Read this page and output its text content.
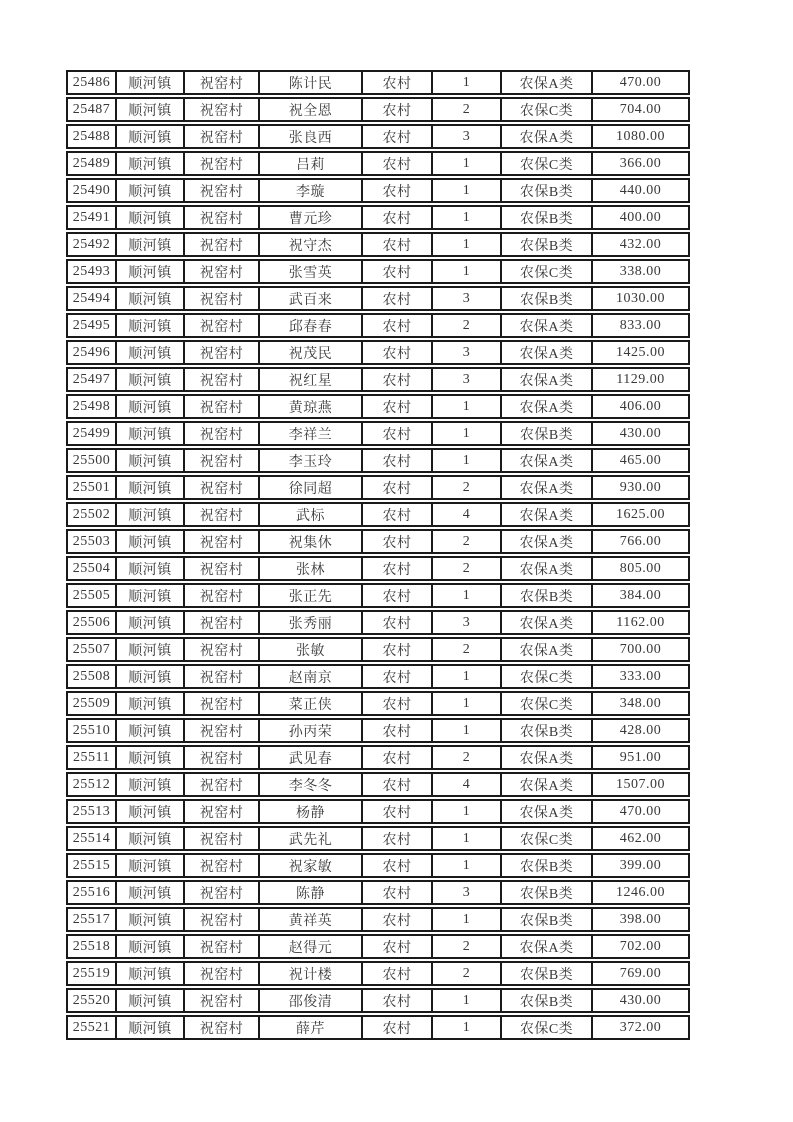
25486	顺河镇	祝窑村	陈计民	农村	1	农保A类	470.00
25487	顺河镇	祝窑村	祝全恩	农村	2	农保C类	704.00
25488	顺河镇	祝窑村	张良西	农村	3	农保A类	1080.00
25489	顺河镇	祝窑村	吕莉	农村	1	农保C类	366.00
25490	顺河镇	祝窑村	李璇	农村	1	农保B类	440.00
25491	顺河镇	祝窑村	曹元珍	农村	1	农保B类	400.00
25492	顺河镇	祝窑村	祝守杰	农村	1	农保B类	432.00
25493	顺河镇	祝窑村	张雪英	农村	1	农保C类	338.00
25494	顺河镇	祝窑村	武百来	农村	3	农保B类	1030.00
25495	顺河镇	祝窑村	邱春春	农村	2	农保A类	833.00
25496	顺河镇	祝窑村	祝茂民	农村	3	农保A类	1425.00
25497	顺河镇	祝窑村	祝红星	农村	3	农保A类	1129.00
25498	顺河镇	祝窑村	黄琼燕	农村	1	农保A类	406.00
25499	顺河镇	祝窑村	李祥兰	农村	1	农保B类	430.00
25500	顺河镇	祝窑村	李玉玲	农村	1	农保A类	465.00
25501	顺河镇	祝窑村	徐同超	农村	2	农保A类	930.00
25502	顺河镇	祝窑村	武标	农村	4	农保A类	1625.00
25503	顺河镇	祝窑村	祝集休	农村	2	农保A类	766.00
25504	顺河镇	祝窑村	张林	农村	2	农保A类	805.00
25505	顺河镇	祝窑村	张正先	农村	1	农保B类	384.00
25506	顺河镇	祝窑村	张秀丽	农村	3	农保A类	1162.00
25507	顺河镇	祝窑村	张敏	农村	2	农保A类	700.00
25508	顺河镇	祝窑村	赵南京	农村	1	农保C类	333.00
25509	顺河镇	祝窑村	菜正侠	农村	1	农保C类	348.00
25510	顺河镇	祝窑村	孙丙荣	农村	1	农保B类	428.00
25511	顺河镇	祝窑村	武见春	农村	2	农保A类	951.00
25512	顺河镇	祝窑村	李冬冬	农村	4	农保A类	1507.00
25513	顺河镇	祝窑村	杨静	农村	1	农保A类	470.00
25514	顺河镇	祝窑村	武先礼	农村	1	农保C类	462.00
25515	顺河镇	祝窑村	祝家敏	农村	1	农保B类	399.00
25516	顺河镇	祝窑村	陈静	农村	3	农保B类	1246.00
25517	顺河镇	祝窑村	黄祥英	农村	1	农保B类	398.00
25518	顺河镇	祝窑村	赵得元	农村	2	农保A类	702.00
25519	顺河镇	祝窑村	祝计楼	农村	2	农保B类	769.00
25520	顺河镇	祝窑村	邵俊清	农村	1	农保B类	430.00
25521	顺河镇	祝窑村	薛芹	农村	1	农保C类	372.00
